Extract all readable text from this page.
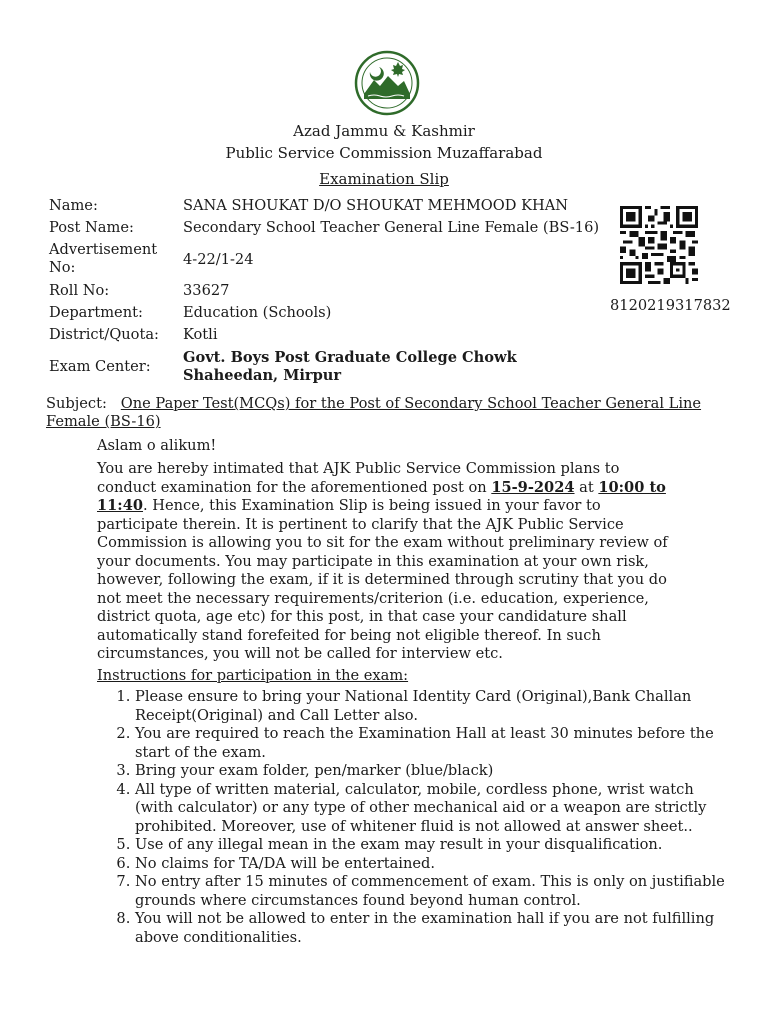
Azad Jammu & Kashmir
Public Service Commission Muzaffarabad
Examination Slip
Name:	SANA SHOUKAT D/O SHOUKAT MEHMOOD KHAN
Post Name:	Secondary School Teacher General Line Female (BS-16)
Advertisement No:	4-22/1-24
Roll No:	33627
Department:	Education (Schools)
District/Quota:	Kotli
Exam Center:
Govt. Boys Post Graduate College Chowk Shaheedan, Mirpur
8120219317832
Subject: One Paper Test(MCQs) for the Post of Secondary School Teacher General Line Female (BS-16)
Aslam o alikum!
You are hereby intimated that AJK Public Service Commission plans to conduct examination for the aforementioned post on 15-9-2024 at 10:00 to 11:40. Hence, this Examination Slip is being issued in your favor to participate therein. It is pertinent to clarify that the AJK Public Service Commission is allowing you to sit for the exam without preliminary review of your documents. You may participate in this examination at your own risk, however, following the exam, if it is determined through scrutiny that you do not meet the necessary requirements/criterion (i.e. education, experience, district quota, age etc) for this post, in that case your candidature shall automatically stand forefeited for being not eligible thereof. In such circumstances, you will not be called for interview etc.
Instructions for participation in the exam:
1. Please ensure to bring your National Identity Card (Original),Bank Challan Receipt(Original) and Call Letter also.
2. You are required to reach the Examination Hall at least 30 minutes before the start of the exam.
3. Bring your exam folder, pen/marker (blue/black)
4. All type of written material, calculator, mobile, cordless phone, wrist watch (with calculator) or any type of other mechanical aid or a weapon are strictly prohibited. Moreover, use of whitener fluid is not allowed at answer sheet..
5. Use of any illegal mean in the exam may result in your disqualification.
6. No claims for TA/DA will be entertained.
7. No entry after 15 minutes of commencement of exam. This is only on justifiable grounds where circumstances found beyond human control.
8. You will not be allowed to enter in the examination hall if you are not fulfilling above conditionalities.
